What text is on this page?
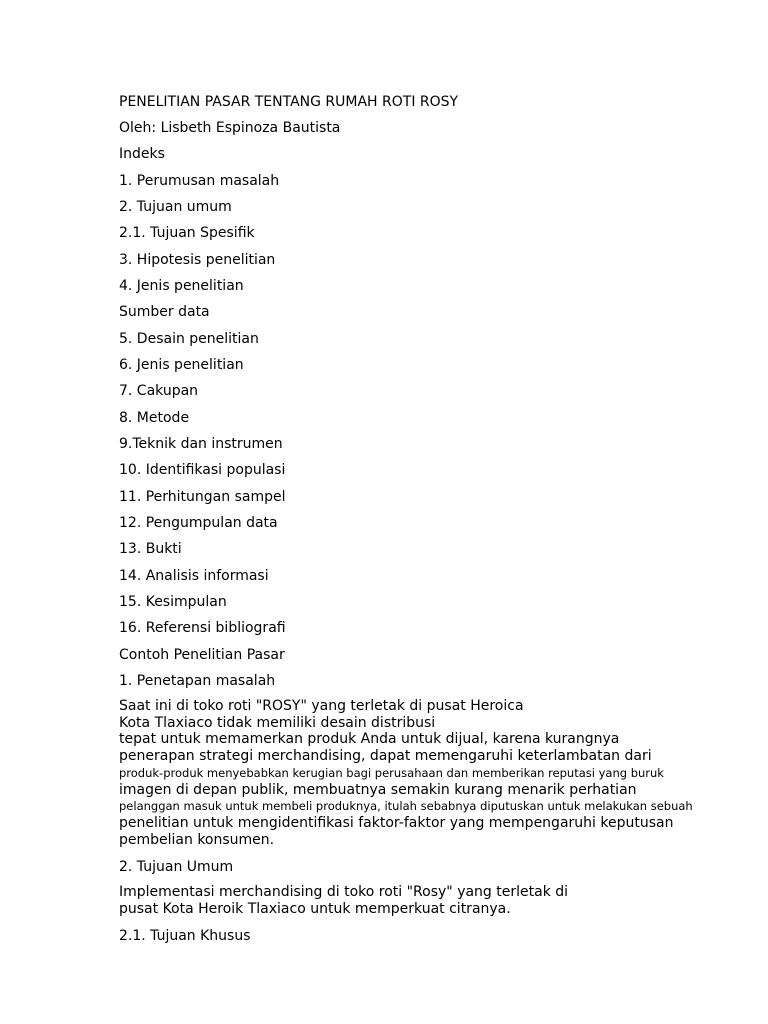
PENELITIAN PASAR TENTANG RUMAH ROTI ROSY
Oleh: Lisbeth Espinoza Bautista
Indeks
1. Perumusan masalah
2. Tujuan umum
2.1. Tujuan Spesifik
3. Hipotesis penelitian
4. Jenis penelitian
Sumber data
5. Desain penelitian
6. Jenis penelitian
7. Cakupan
8. Metode
9.Teknik dan instrumen
10. Identifikasi populasi
11. Perhitungan sampel
12. Pengumpulan data
13. Bukti
14. Analisis informasi
15. Kesimpulan
16. Referensi bibliografi
Contoh Penelitian Pasar
1. Penetapan masalah
Saat ini di toko roti "ROSY" yang terletak di pusat Heroica
Kota Tlaxiaco tidak memiliki desain distribusi
tepat untuk memamerkan produk Anda untuk dijual, karena kurangnya
penerapan strategi merchandising, dapat memengaruhi keterlambatan dari
produk-produk menyebabkan kerugian bagi perusahaan dan memberikan reputasi yang buruk
imagen di depan publik, membuatnya semakin kurang menarik perhatian
pelanggan masuk untuk membeli produknya, itulah sebabnya diputuskan untuk melakukan sebuah
penelitian untuk mengidentifikasi faktor-faktor yang mempengaruhi keputusan
pembelian konsumen.
2. Tujuan Umum
Implementasi merchandising di toko roti "Rosy" yang terletak di
pusat Kota Heroik Tlaxiaco untuk memperkuat citranya.
2.1. Tujuan Khusus
